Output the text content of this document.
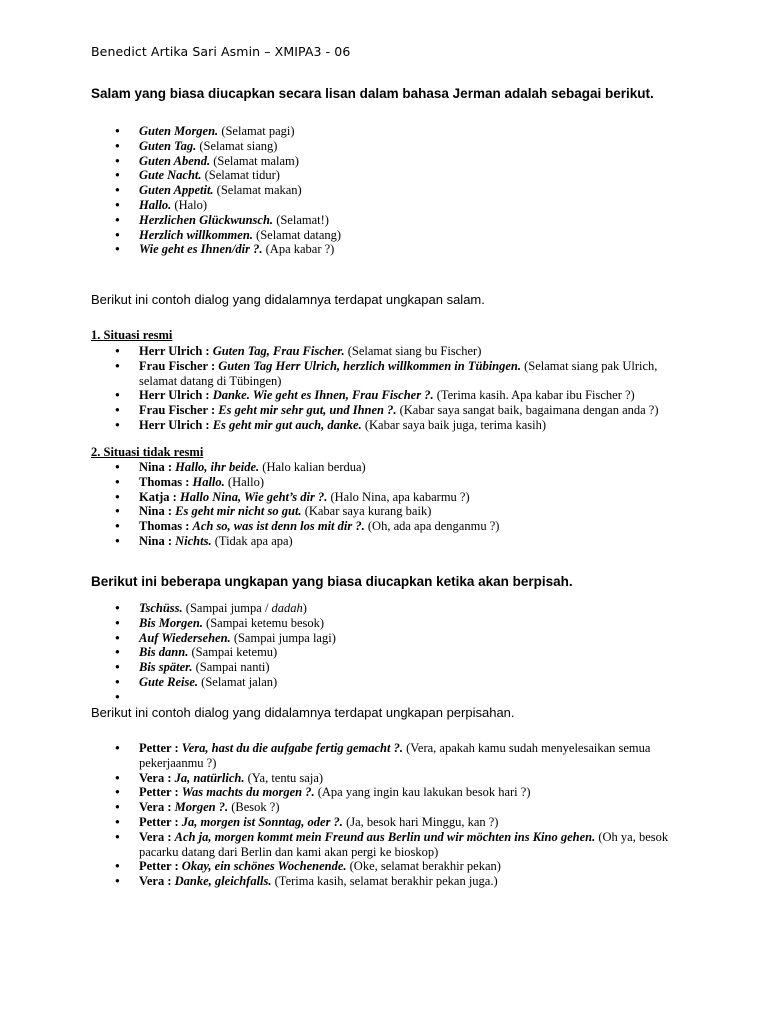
Benedict Artika Sari Asmin – XMIPA3 - 06
Salam yang biasa diucapkan secara lisan dalam bahasa Jerman adalah sebagai berikut.
● Guten Morgen. (Selamat pagi)
● Guten Tag. (Selamat siang)
● Guten Abend. (Selamat malam)
● Gute Nacht. (Selamat tidur)
● Guten Appetit. (Selamat makan)
● Hallo. (Halo)
● Herzlichen Glückwunsch. (Selamat!)
● Herzlich willkommen. (Selamat datang)
● Wie geht es Ihnen/dir ?. (Apa kabar ?)
Berikut ini contoh dialog yang didalamnya terdapat ungkapan salam.
1. Situasi resmi
● Herr Ulrich : Guten Tag, Frau Fischer. (Selamat siang bu Fischer)
● Frau Fischer : Guten Tag Herr Ulrich, herzlich willkommen in Tübingen. (Selamat siang pak Ulrich, selamat datang di Tübingen)
● Herr Ulrich : Danke. Wie geht es Ihnen, Frau Fischer ?. (Terima kasih. Apa kabar ibu Fischer ?)
● Frau Fischer : Es geht mir sehr gut, und Ihnen ?. (Kabar saya sangat baik, bagaimana dengan anda ?)
● Herr Ulrich : Es geht mir gut auch, danke. (Kabar saya baik juga, terima kasih)
2. Situasi tidak resmi
● Nina : Hallo, ihr beide. (Halo kalian berdua)
● Thomas : Hallo. (Hallo)
● Katja : Hallo Nina, Wie geht’s dir ?. (Halo Nina, apa kabarmu ?)
● Nina : Es geht mir nicht so gut. (Kabar saya kurang baik)
● Thomas : Ach so, was ist denn los mit dir ?. (Oh, ada apa denganmu ?)
● Nina : Nichts. (Tidak apa apa)
Berikut ini beberapa ungkapan yang biasa diucapkan ketika akan berpisah.
● Tschüss. (Sampai jumpa / dadah)
● Bis Morgen. (Sampai ketemu besok)
● Auf Wiedersehen. (Sampai jumpa lagi)
● Bis dann. (Sampai ketemu)
● Bis später. (Sampai nanti)
● Gute Reise. (Selamat jalan)
●
Berikut ini contoh dialog yang didalamnya terdapat ungkapan perpisahan.
● Petter : Vera, hast du die aufgabe fertig gemacht ?. (Vera, apakah kamu sudah menyelesaikan semua pekerjaanmu ?)
● Vera : Ja, natürlich. (Ya, tentu saja)
● Petter : Was machts du morgen ?. (Apa yang ingin kau lakukan besok hari ?)
● Vera : Morgen ?. (Besok ?)
● Petter : Ja, morgen ist Sonntag, oder ?. (Ja, besok hari Minggu, kan ?)
● Vera : Ach ja, morgen kommt mein Freund aus Berlin und wir möchten ins Kino gehen. (Oh ya, besok pacarku datang dari Berlin dan kami akan pergi ke bioskop)
● Petter : Okay, ein schönes Wochenende. (Oke, selamat berakhir pekan)
● Vera : Danke, gleichfalls. (Terima kasih, selamat berakhir pekan juga.)
